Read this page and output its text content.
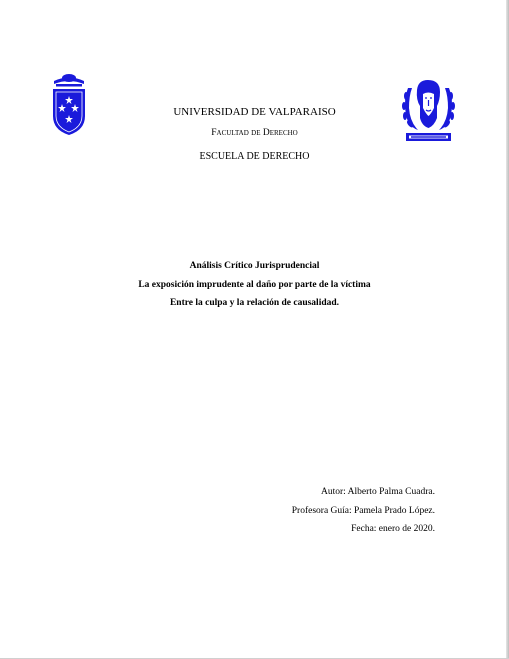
UNIVERSIDAD DE VALPARAISO
Facultad de Derecho
ESCUELA DE DERECHO
Análisis Crítico Jurisprudencial
La exposición imprudente al daño por parte de la víctima
Entre la culpa y la relación de causalidad.
Autor: Alberto Palma Cuadra.
Profesora Guía: Pamela Prado López.
Fecha: enero de 2020.
